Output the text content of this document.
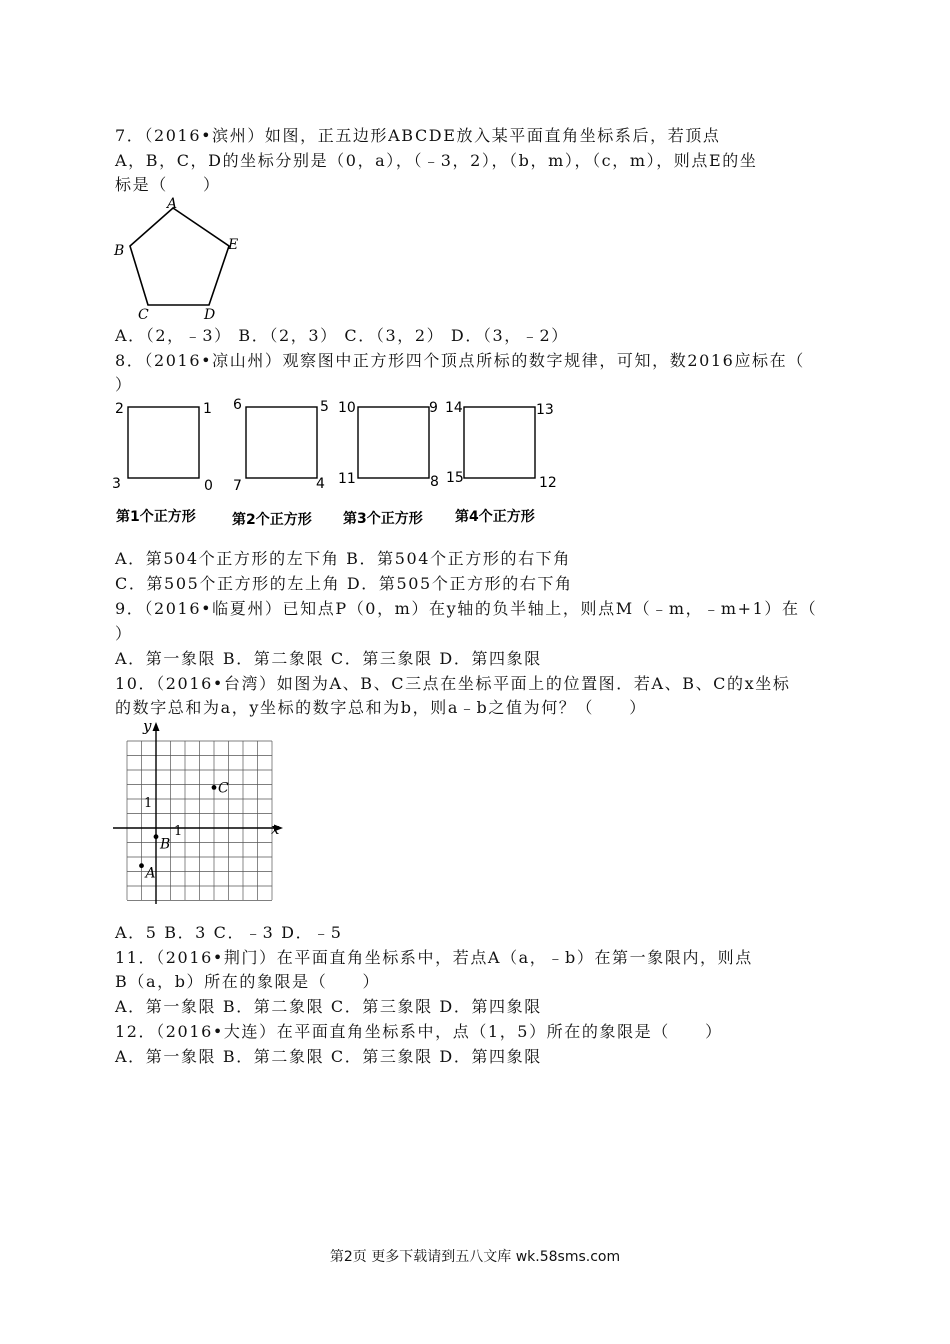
7．（2016•滨州）如图，正五边形ABCDE放入某平面直角坐标系后，若顶点
A，B，C，D的坐标分别是（0，a），（﹣3，2），（b，m），（c，m），则点E的坐
标是（　　）
A
B
C	D
E
A．（2，﹣3） B．（2，3） C．（3，2） D．（3，﹣2）
8．（2016•凉山州）观察图中正方形四个顶点所标的数字规律，可知，数2016应标在（
）
2	1
3	0
第1个正方形
6	5
7	4
第2个正方形
10	9
11	8
第3个正方形
14	13
15	12
第4个正方形
A．第504个正方形的左下角 B．第504个正方形的右下角
C．第505个正方形的左上角 D．第505个正方形的右下角
9．（2016•临夏州）已知点P（0，m）在y轴的负半轴上，则点M（﹣m，﹣m+1）在（
）
A．第一象限 B．第二象限 C．第三象限 D．第四象限
10．（2016•台湾）如图为A、B、C三点在坐标平面上的位置图．若A、B、C的x坐标
的数字总和为a，y坐标的数字总和为b，则a﹣b之值为何？（　　）
x
y
1
1
A
B
C
A．5 B．3 C．﹣3 D．﹣5
11．（2016•荆门）在平面直角坐标系中，若点A（a，﹣b）在第一象限内，则点
B（a，b）所在的象限是（　　）
A．第一象限 B．第二象限 C．第三象限 D．第四象限
12．（2016•大连）在平面直角坐标系中，点（1，5）所在的象限是（　　）
A．第一象限 B．第二象限 C．第三象限 D．第四象限
第2页 更多下载请到五八文库 wk.58sms.com
